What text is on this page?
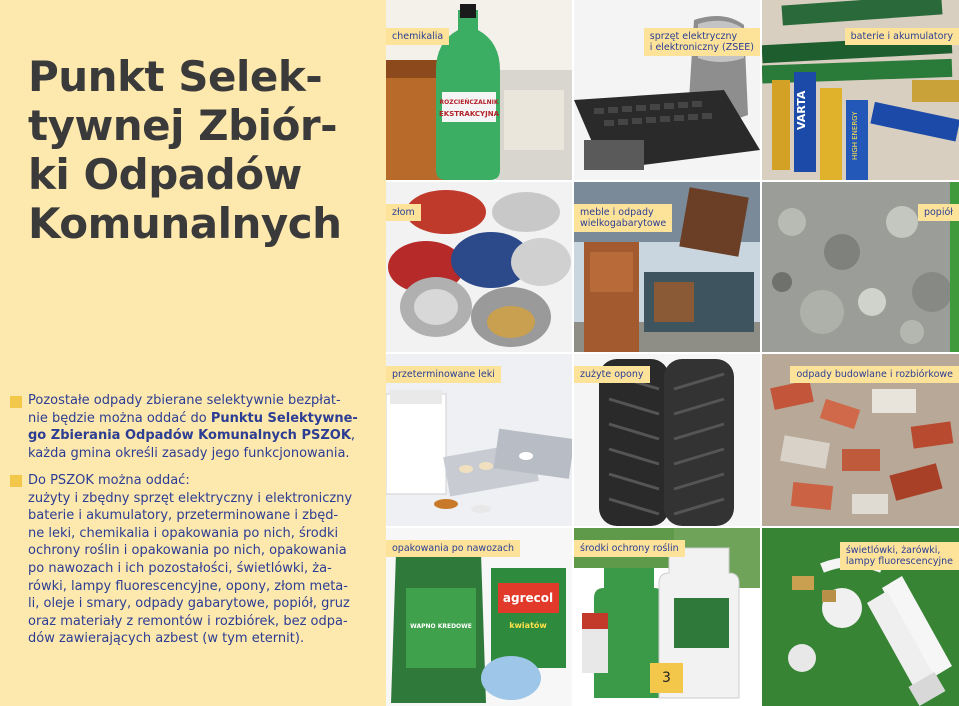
Punkt Selek-
tywnej Zbiór-
ki Odpadów
Komunalnych
Pozostałe odpady zbierane selektywnie bezpłat-
nie będzie można oddać do Punktu Selektywne-
go Zbierania Odpadów Komunalnych PSZOK,
każda gmina określi zasady jego funkcjonowania.
Do PSZOK można oddać:
zużyty i zbędny sprzęt elektryczny i elektroniczny
baterie i akumulatory, przeterminowane i zbęd-
ne leki, chemikalia i opakowania po nich, środki
ochrony roślin i opakowania po nich, opakowania
po nawozach i ich pozostałości, świetlówki, ża-
rówki, lampy fluorescencyjne, opony, złom meta-
li, oleje i smary, odpady gabarytowe, popiół, gruz
oraz materiały z remontów i rozbiórek, bez odpa-
dów zawierających azbest (w tym eternit).
ROZCIEŃCZALNIK
EKSTRAKCYJNA
chemikalia	sprzęt elektryczny
i elektroniczny (ZSEE)
VARTA
HIGH ENERGY
baterie i akumulatory
złom	meble i odpady
wielkogabarytowe
popiół
przeterminowane leki	zużyte opony	odpady budowlane i rozbiórkowe
WAPNO KREDOWE
agrecol
kwiatów
opakowania po nawozach	środki ochrony roślin	świetlówki, żarówki,
lampy fluorescencyjne
3
